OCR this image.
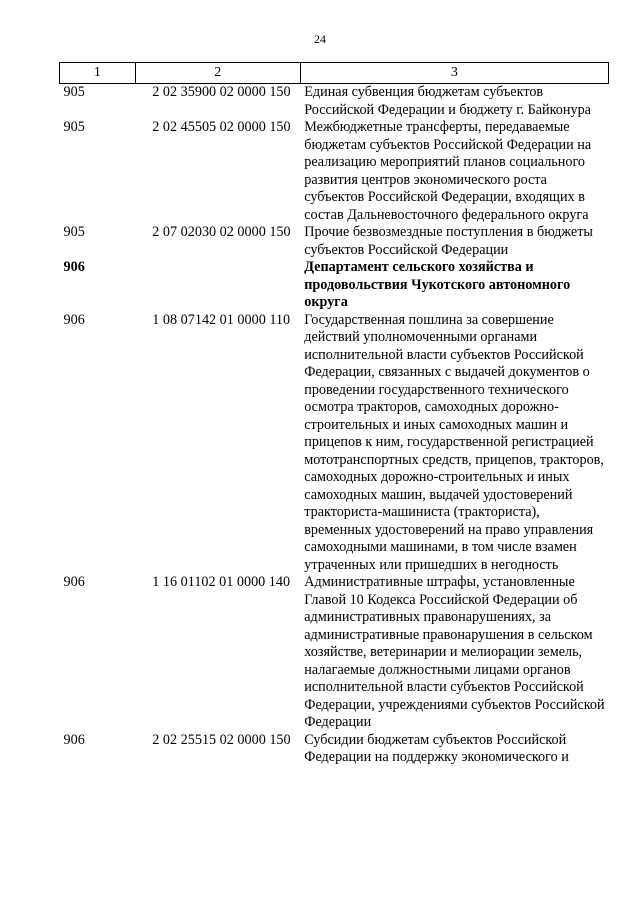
24
1	2	3
905	2 02 35900 02 0000 150	Единая субвенция бюджетам субъектов Российской Федерации и бюджету г. Байконура
905	2 02 45505 02 0000 150	Межбюджетные трансферты, передаваемые бюджетам субъектов Российской Федерации на реализацию мероприятий планов социального развития центров экономического роста субъектов Российской Федерации, входящих в состав Дальневосточного федерального округа
905	2 07 02030 02 0000 150	Прочие безвозмездные поступления в бюджеты субъектов Российской Федерации
906		Департамент сельского хозяйства и продовольствия Чукотского автономного округа
906	1 08 07142 01 0000 110	Государственная пошлина за совершение действий уполномоченными органами исполнительной власти субъектов Российской Федерации, связанных с выдачей документов о проведении государственного технического осмотра тракторов, самоходных дорожно-строительных и иных самоходных машин и прицепов к ним, государственной регистрацией мототранспортных средств, прицепов, тракторов, самоходных дорожно-строительных и иных самоходных машин, выдачей удостоверений тракториста-машиниста (тракториста), временных удостоверений на право управления самоходными машинами, в том числе взамен утраченных или пришедших в негодность
906	1 16 01102 01 0000 140	Административные штрафы, установленные Главой 10 Кодекса Российской Федерации об административных правонарушениях, за административные правонарушения в сельском хозяйстве, ветеринарии и мелиорации земель, налагаемые должностными лицами органов исполнительной власти субъектов Российской Федерации, учреждениями субъектов Российской Федерации
906	2 02 25515 02 0000 150	Субсидии бюджетам субъектов Российской Федерации на поддержку экономического и
